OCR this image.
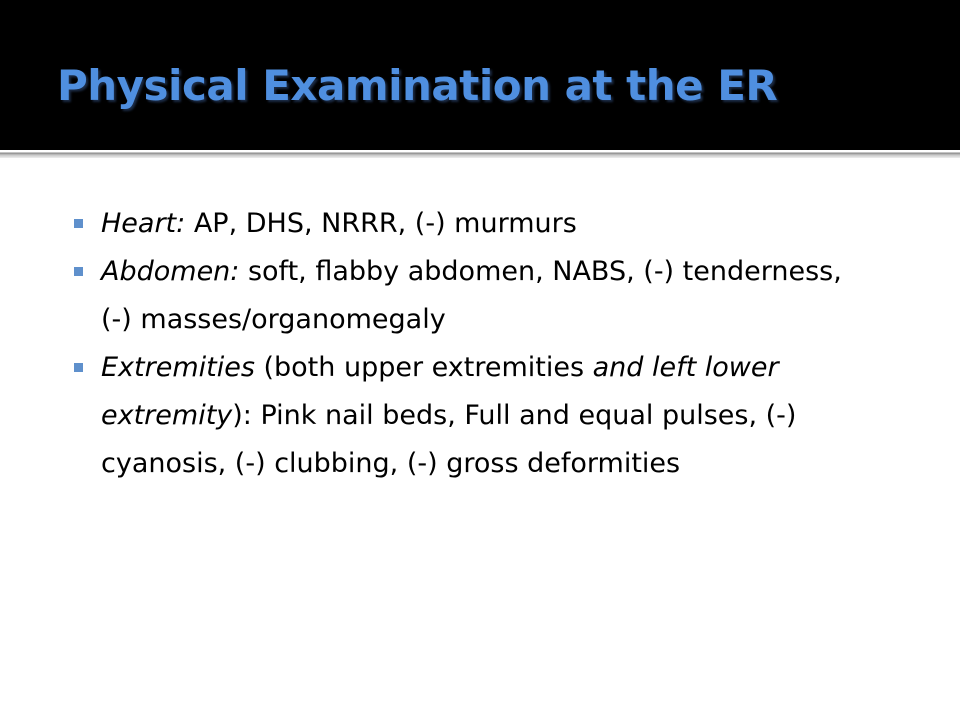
Physical Examination at the ER
Heart: AP, DHS, NRRR, (-) murmurs
Abdomen: soft, flabby abdomen, NABS, (-) tenderness, (-) masses/organomegaly
Extremities (both upper extremities and left lower extremity): Pink nail beds, Full and equal pulses, (-) cyanosis, (-) clubbing, (-) gross deformities
